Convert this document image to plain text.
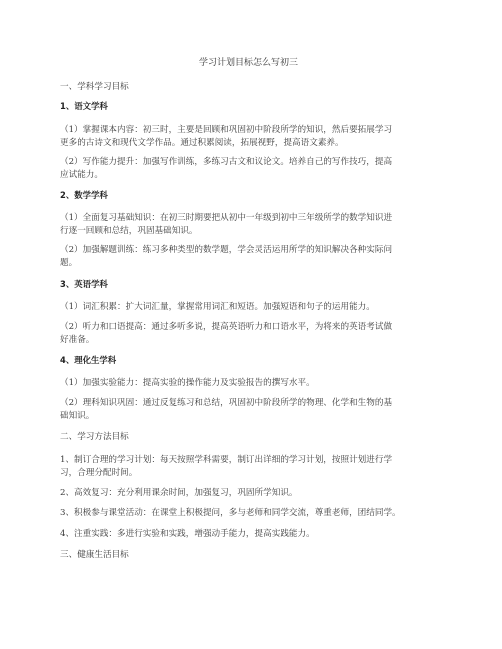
学习计划目标怎么写初三
一、学科学习目标
1、语文学科
（1）掌握课本内容：初三时，主要是回顾和巩固初中阶段所学的知识，然后要拓展学习
更多的古诗文和现代文学作品。通过积累阅读，拓展视野，提高语文素养。
（2）写作能力提升：加强写作训练，多练习古文和议论文。培养自己的写作技巧，提高
应试能力。
2、数学学科
（1）全面复习基础知识：在初三时期要把从初中一年级到初中三年级所学的数学知识进
行逐一回顾和总结，巩固基础知识。
（2）加强解题训练：练习多种类型的数学题，学会灵活运用所学的知识解决各种实际问
题。
3、英语学科
（1）词汇积累：扩大词汇量，掌握常用词汇和短语。加强短语和句子的运用能力。
（2）听力和口语提高：通过多听多说，提高英语听力和口语水平，为将来的英语考试做
好准备。
4、理化生学科
（1）加强实验能力：提高实验的操作能力及实验报告的撰写水平。
（2）理科知识巩固：通过反复练习和总结，巩固初中阶段所学的物理、化学和生物的基
础知识。
二、学习方法目标
1、制订合理的学习计划：每天按照学科需要，制订出详细的学习计划，按照计划进行学
习，合理分配时间。
2、高效复习：充分利用课余时间，加强复习，巩固所学知识。
3、积极参与课堂活动：在课堂上积极提问，多与老师和同学交流，尊重老师，团结同学。
4、注重实践：多进行实验和实践，增强动手能力，提高实践能力。
三、健康生活目标
